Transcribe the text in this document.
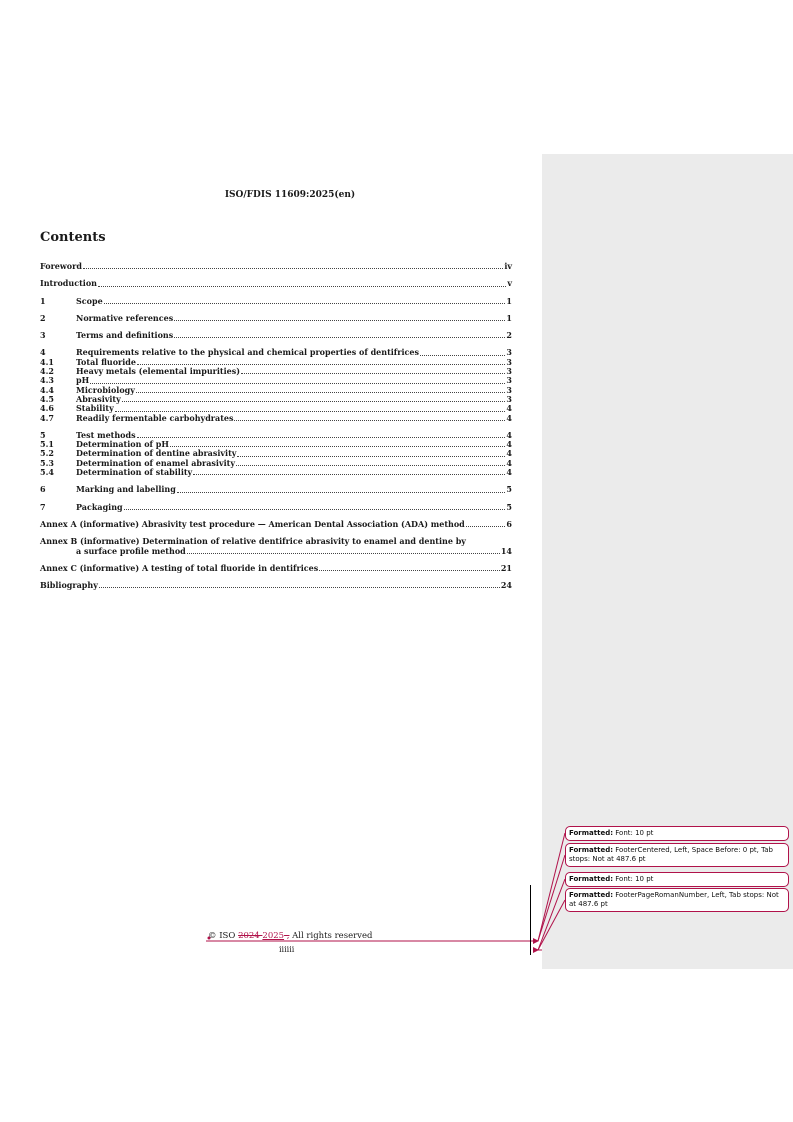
ISO/FDIS 11609:2025(en)
Contents
Foreword	iv
Introduction	v
1	Scope	1
2	Normative references	1
3	Terms and definitions	2
4	Requirements relative to the physical and chemical properties of dentifrices	3
4.1	Total fluoride	3
4.2	Heavy metals (elemental impurities)	3
4.3	pH	3
4.4	Microbiology	3
4.5	Abrasivity	3
4.6	Stability	4
4.7	Readily fermentable carbohydrates	4
5	Test methods	4
5.1	Determination of pH	4
5.2	Determination of dentine abrasivity	4
5.3	Determination of enamel abrasivity	4
5.4	Determination of stability	4
6	Marking and labelling	5
7	Packaging	5
Annex A (informative) Abrasivity test procedure — American Dental Association (ADA) method	6
Annex B (informative) Determination of relative dentifrice abrasivity to enamel and dentine by
a surface profile method	14
Annex C (informative) A testing of total fluoride in dentifrices	21
Bibliography	24
Formatted: Font: 10 pt
Formatted: FooterCentered, Left, Space Before: 0 pt, Tab stops: Not at 487.6 pt
Formatted: Font: 10 pt
Formatted: FooterPageRomanNumber, Left, Tab stops: Not at 487.6 pt
© ISO 2024 2025 , All rights reserved
iiiiii
